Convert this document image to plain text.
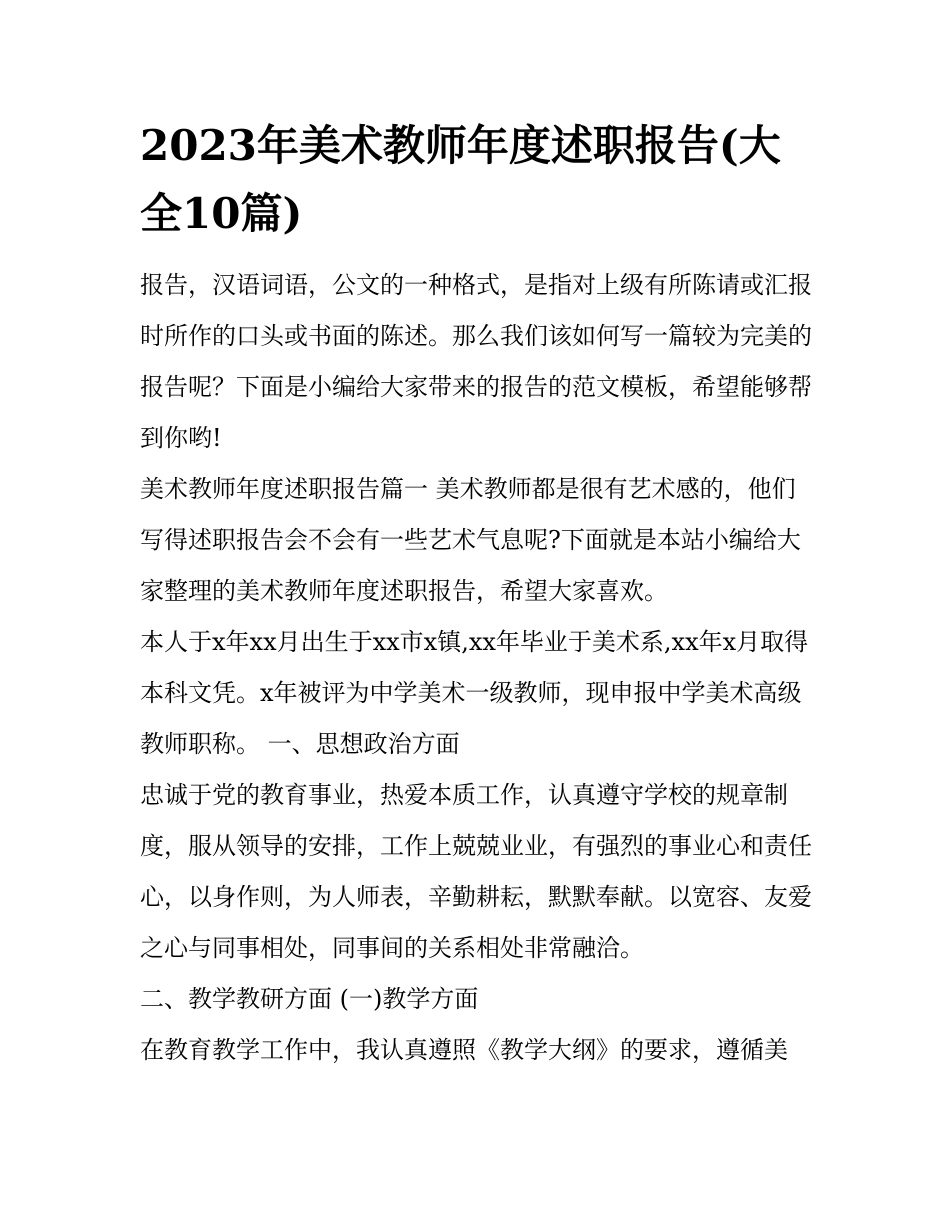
2023年美术教师年度述职报告(大全10篇)

报告，汉语词语，公文的一种格式，是指对上级有所陈请或汇报时所作的口头或书面的陈述。那么我们该如何写一篇较为完美的报告呢？下面是小编给大家带来的报告的范文模板，希望能够帮到你哟!

美术教师年度述职报告篇一 美术教师都是很有艺术感的，他们写得述职报告会不会有一些艺术气息呢?下面就是本站小编给大家整理的美术教师年度述职报告，希望大家喜欢。

本人于x年xx月出生于xx市x镇,xx年毕业于美术系,xx年x月取得本科文凭。x年被评为中学美术一级教师，现申报中学美术高级教师职称。 一、思想政治方面

忠诚于党的教育事业，热爱本质工作，认真遵守学校的规章制度，服从领导的安排，工作上兢兢业业，有强烈的事业心和责任心，以身作则，为人师表，辛勤耕耘，默默奉献。以宽容、友爱之心与同事相处，同事间的关系相处非常融洽。

二、教学教研方面 (一)教学方面

在教育教学工作中，我认真遵照《教学大纲》的要求，遵循美
